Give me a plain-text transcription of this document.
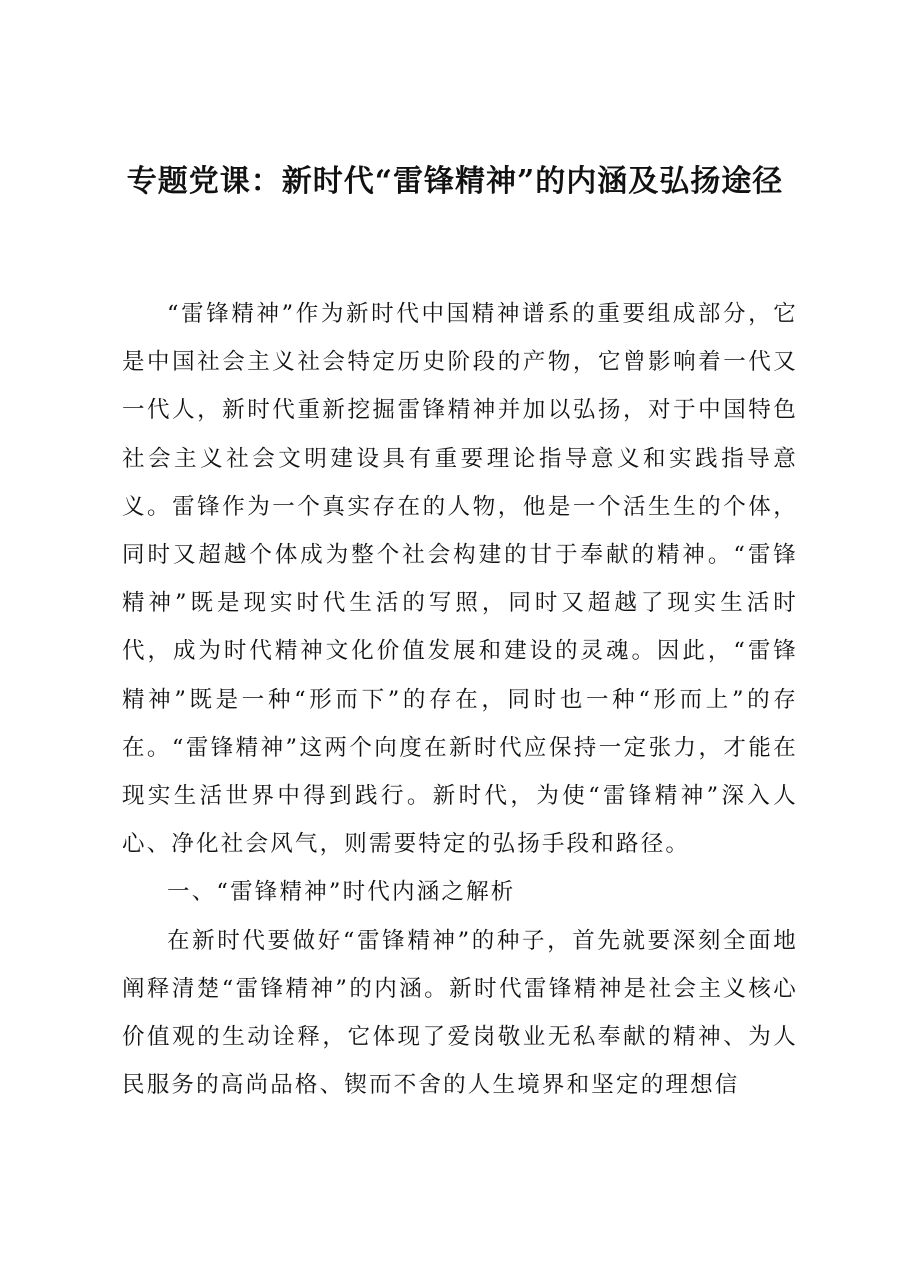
专题党课：新时代“雷锋精神”的内涵及弘扬途径

“雷锋精神”作为新时代中国精神谱系的重要组成部分，它是中国社会主义社会特定历史阶段的产物，它曾影响着一代又一代人，新时代重新挖掘雷锋精神并加以弘扬，对于中国特色社会主义社会文明建设具有重要理论指导意义和实践指导意义。雷锋作为一个真实存在的人物，他是一个活生生的个体，同时又超越个体成为整个社会构建的甘于奉献的精神。“雷锋精神”既是现实时代生活的写照，同时又超越了现实生活时代，成为时代精神文化价值发展和建设的灵魂。因此，“雷锋精神”既是一种“形而下”的存在，同时也一种“形而上”的存在。“雷锋精神”这两个向度在新时代应保持一定张力，才能在现实生活世界中得到践行。新时代，为使“雷锋精神”深入人心、净化社会风气，则需要特定的弘扬手段和路径。

一、“雷锋精神”时代内涵之解析

在新时代要做好“雷锋精神”的种子，首先就要深刻全面地阐释清楚“雷锋精神”的内涵。新时代雷锋精神是社会主义核心价值观的生动诠释，它体现了爱岗敬业无私奉献的精神、为人民服务的高尚品格、锲而不舍的人生境界和坚定的理想信
